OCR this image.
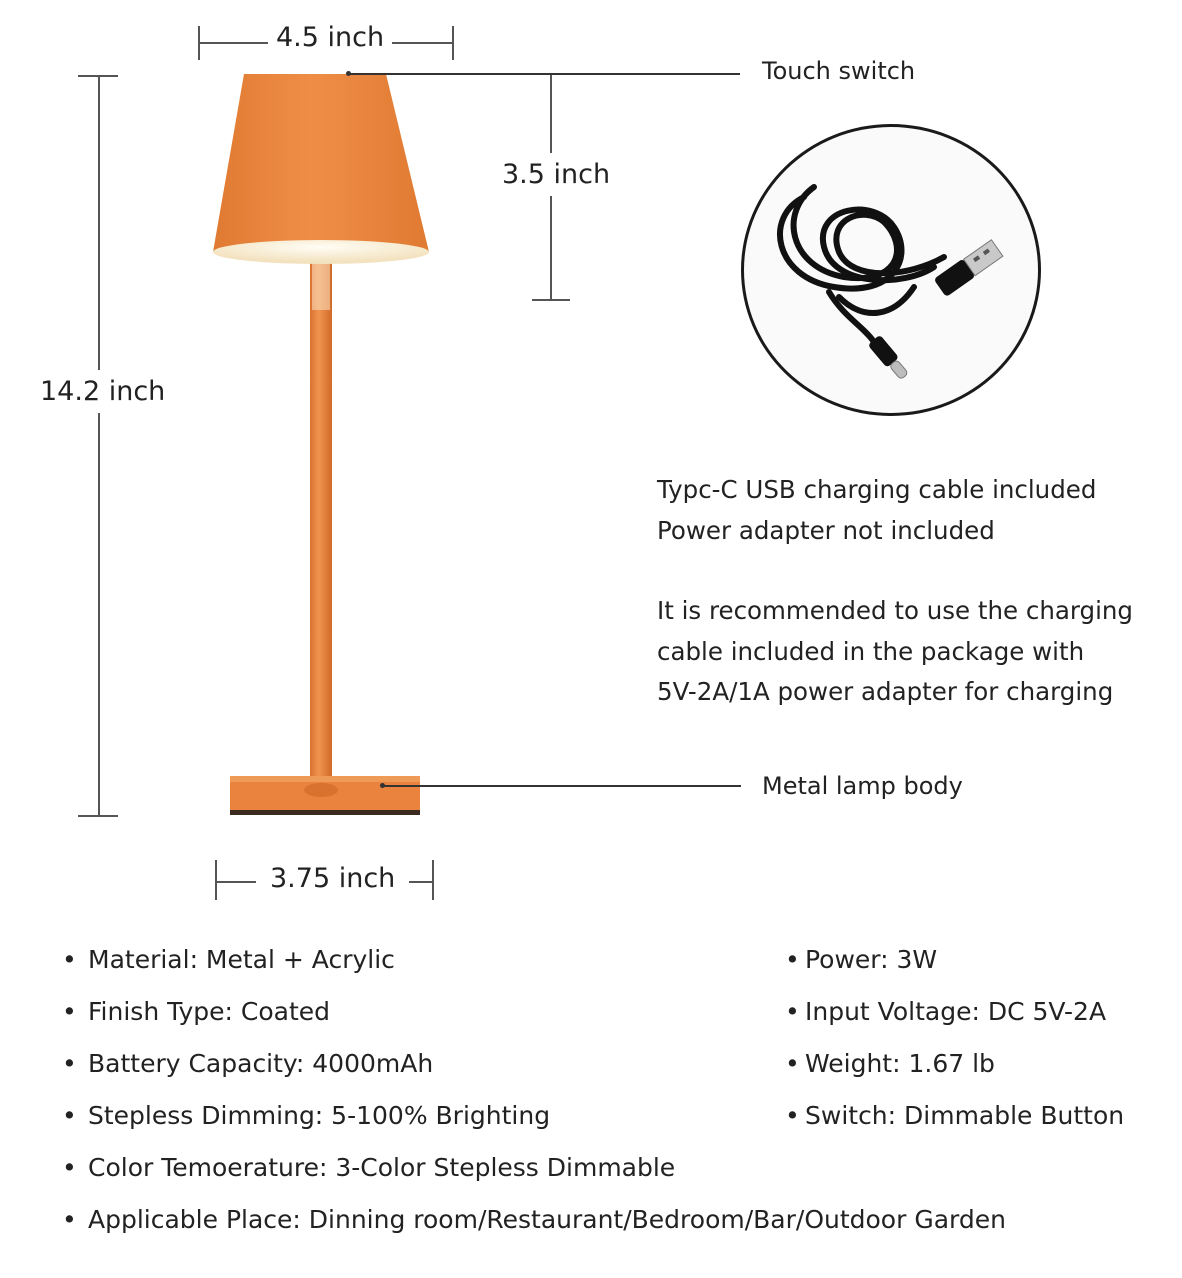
4.5 inch
14.2 inch
3.5 inch
3.75 inch
Touch switch
Metal lamp body
Typc-C USB charging cable included
Power adapter not included
It is recommended to use the charging
cable included in the package with
5V-2A/1A power adapter for charging
• Material: Metal + Acrylic
• Finish Type: Coated
• Battery Capacity: 4000mAh
• Stepless Dimming: 5-100% Brighting
• Color Temoerature: 3-Color Stepless Dimmable
• Applicable Place: Dinning room/Restaurant/Bedroom/Bar/Outdoor Garden
• Power: 3W
• Input Voltage: DC 5V-2A
• Weight: 1.67 lb
• Switch: Dimmable Button
